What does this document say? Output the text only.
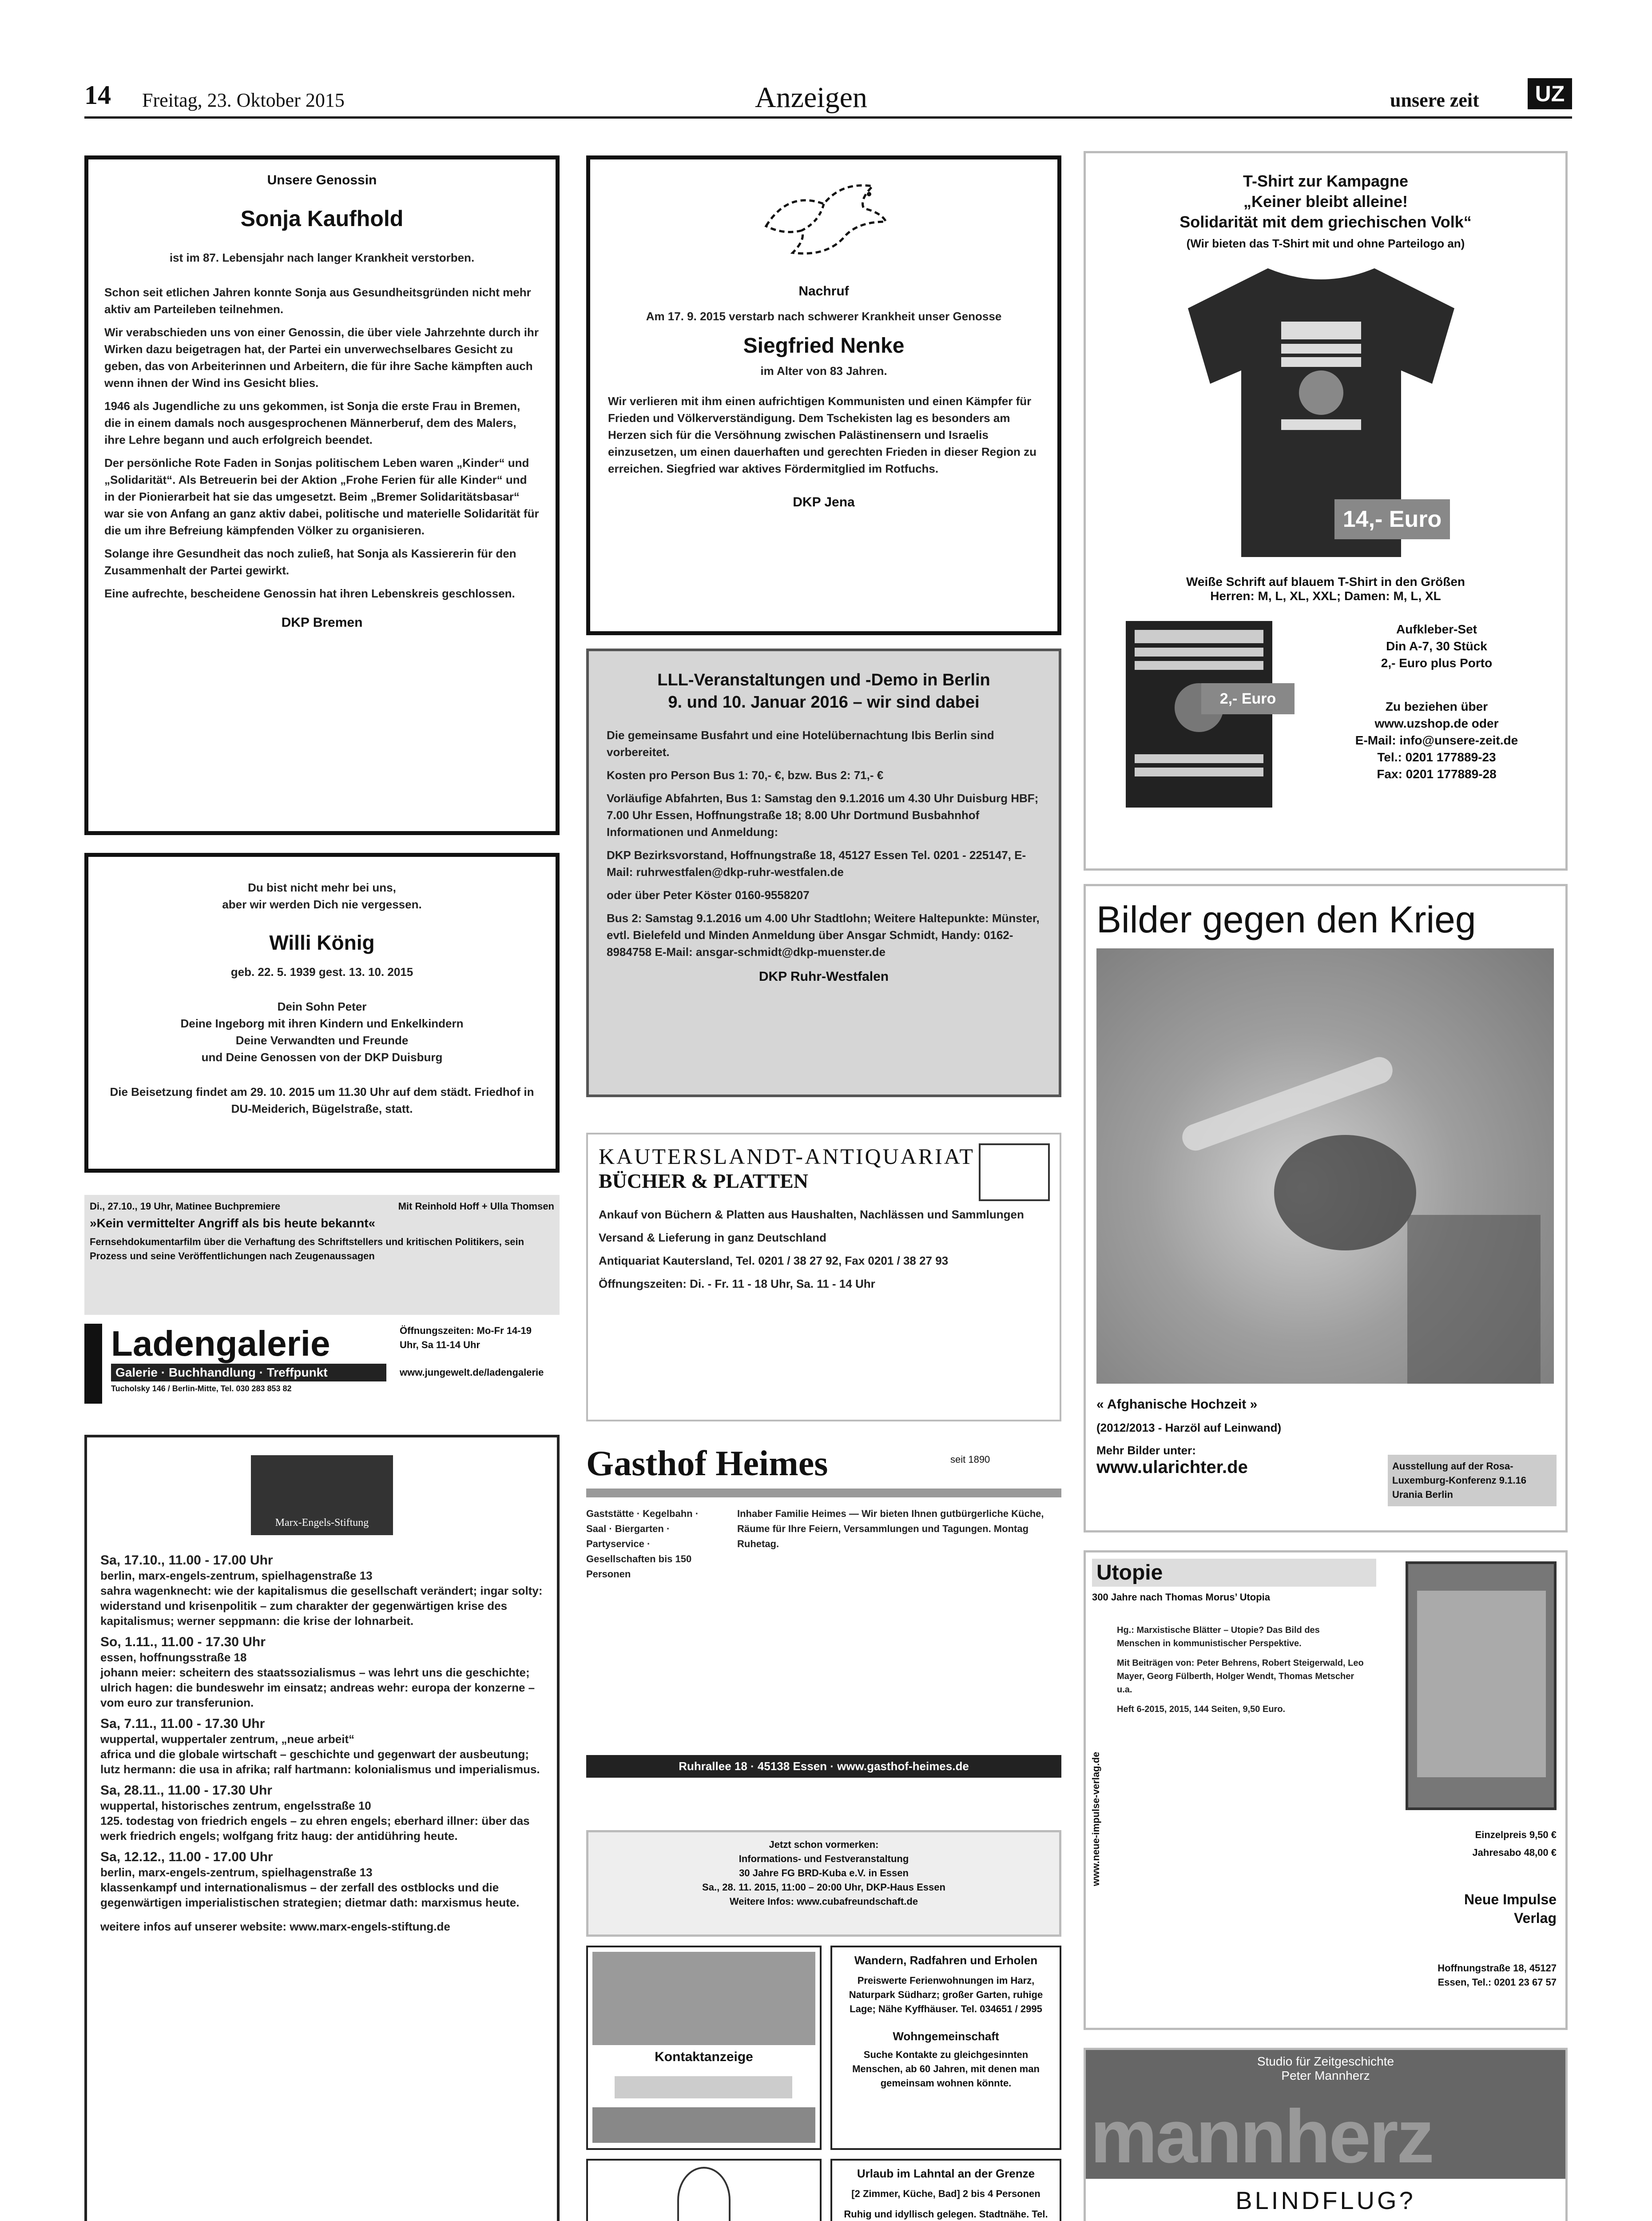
14 Freitag, 23. Oktober 2015	Anzeigen	unsere zeit	UZ
Unsere Genossin
Sonja Kaufhold
ist im 87. Lebensjahr nach langer Krankheit verstorben.

Schon seit etlichen Jahren konnte Sonja aus Gesundheitsgründen nicht mehr aktiv am Parteileben teilnehmen.

Wir verabschieden uns von einer Genossin, die über viele Jahrzehnte durch ihr Wirken dazu beigetragen hat, der Partei ein unverwechselbares Gesicht zu geben, das von Arbeiterinnen und Arbeitern, die für ihre Sache kämpften auch wenn ihnen der Wind ins Gesicht blies.

1946 als Jugendliche zu uns gekommen, ist Sonja die erste Frau in Bremen, die in einem damals noch ausgesprochenen Männerberuf, dem des Malers, ihre Lehre begann und auch erfolgreich beendet.

Der persönliche Rote Faden in Sonjas politischem Leben waren „Kinder“ und „Solidarität“. Als Betreuerin bei der Aktion „Frohe Ferien für alle Kinder“ und in der Pionierarbeit hat sie das umgesetzt. Beim „Bremer Solidaritätsbasar“ war sie von Anfang an ganz aktiv dabei, politische und materielle Solidarität für die um ihre Befreiung kämpfenden Völker zu organisieren.

Solange ihre Gesundheit das noch zuließ, hat Sonja als Kassiererin für den Zusammenhalt der Partei gewirkt.

Eine aufrechte, bescheidene Genossin hat ihren Lebenskreis geschlossen.

DKP Bremen
Nachruf
Am 17. 9. 2015 verstarb nach schwerer Krankheit unser Genosse
Siegfried Nenke
im Alter von 83 Jahren.
Wir verlieren mit ihm einen aufrichtigen Kommunisten und einen Kämpfer für Frieden und Völkerverständigung. Dem Tschekisten lag es besonders am Herzen sich für die Versöhnung zwischen Palästinensern und Israelis einzusetzen, um einen dauerhaften und gerechten Frieden in dieser Region zu erreichen. Siegfried war aktives Fördermitglied im Rotfuchs.
DKP Jena
T-Shirt zur Kampagne
„Keiner bleibt alleine!
Solidarität mit dem griechischen Volk“
(Wir bieten das T-Shirt mit und ohne Parteilogo an)
14,- Euro
Weiße Schrift auf blauem T-Shirt in den Größen
Herren: M, L, XL, XXL; Damen: M, L, XL
2,- Euro
Aufkleber-Set
Din A-7, 30 Stück
2,- Euro plus Porto
Zu beziehen über
www.uzshop.de oder
E-Mail: info@unsere-zeit.de
Tel.: 0201 177889-23
Fax: 0201 177889-28
Du bist nicht mehr bei uns,
aber wir werden Dich nie vergessen.
Willi König
geb. 22. 5. 1939 gest. 13. 10. 2015
Dein Sohn Peter
Deine Ingeborg mit ihren Kindern und Enkelkindern
Deine Verwandten und Freunde
und Deine Genossen von der DKP Duisburg
Die Beisetzung findet am 29. 10. 2015 um 11.30 Uhr auf dem städt. Friedhof in DU-Meiderich, Bügelstraße, statt.
LLL-Veranstaltungen und -Demo in Berlin
9. und 10. Januar 2016 – wir sind dabei

Die gemeinsame Busfahrt und eine Hotelübernachtung Ibis Berlin sind vorbereitet.

Kosten pro Person Bus 1: 70,- €, bzw. Bus 2: 71,- €

Vorläufige Abfahrten, Bus 1: Samstag den 9.1.2016 um 4.30 Uhr Duisburg HBF; 7.00 Uhr Essen, Hoffnungstraße 18; 8.00 Uhr Dortmund Busbahnhof Informationen und Anmeldung:

DKP Bezirksvorstand, Hoffnungstraße 18, 45127 Essen Tel. 0201 - 225147, E-Mail: ruhrwestfalen@dkp-ruhr-westfalen.de

oder über Peter Köster 0160-9558207

Bus 2: Samstag 9.1.2016 um 4.00 Uhr Stadtlohn; Weitere Haltepunkte: Münster, evtl. Bielefeld und Minden Anmeldung über Ansgar Schmidt, Handy: 0162-8984758 E-Mail: ansgar-schmidt@dkp-muenster.de

DKP Ruhr-Westfalen
Bilder gegen den Krieg
« Afghanische Hochzeit »
(2012/2013 - Harzöl auf Leinwand)
Mehr Bilder unter:
www.ularichter.de	Ausstellung auf der Rosa-Luxemburg-Konferenz 9.1.16 Urania Berlin
Di., 27.10., 19 Uhr, Matinee Buchpremiere	Mit Reinhold Hoff + Ulla Thomsen
»Kein vermittelter Angriff als bis heute bekannt«
Fernsehdokumentarfilm über die Verhaftung des Schriftstellers und kritischen Politikers, sein Prozess und seine Veröffentlichungen nach Zeugenaussagen
Ladengalerie
Galerie · Buchhandlung · Treffpunkt
Tucholsky 146 / Berlin-Mitte, Tel. 030 283 853 82
Öffnungszeiten: Mo-Fr 14-19 Uhr, Sa 11-14 Uhr
www.jungewelt.de/ladengalerie
KAUTERSLANDT-ANTIQUARIAT
BÜCHER & PLATTEN

Ankauf von Büchern & Platten aus Haushalten, Nachlässen und Sammlungen

Versand & Lieferung in ganz Deutschland

Antiquariat Kautersland, Tel. 0201 / 38 27 92, Fax 0201 / 38 27 93

Öffnungszeiten: Di. - Fr. 11 - 18 Uhr, Sa. 11 - 14 Uhr

Marx-Engels-Stiftung
Sa, 17.10., 11.00 - 17.00 Uhr
berlin, marx-engels-zentrum, spielhagenstraße 13

sahra wagenknecht: wie der kapitalismus die gesellschaft verändert; ingar solty: widerstand und krisenpolitik – zum charakter der gegenwärtigen krise des kapitalismus; werner seppmann: die krise der lohnarbeit.

So, 1.11., 11.00 - 17.30 Uhr
essen, hoffnungsstraße 18

johann meier: scheitern des staatssozialismus – was lehrt uns die geschichte; ulrich hagen: die bundeswehr im einsatz; andreas wehr: europa der konzerne – vom euro zur transferunion.

Sa, 7.11., 11.00 - 17.30 Uhr
wuppertal, wuppertaler zentrum, „neue arbeit“

africa und die globale wirtschaft – geschichte und gegenwart der ausbeutung; lutz hermann: die usa in afrika; ralf hartmann: kolonialismus und imperialismus.

Sa, 28.11., 11.00 - 17.30 Uhr
wuppertal, historisches zentrum, engelsstraße 10

125. todestag von friedrich engels – zu ehren engels; eberhard illner: über das werk friedrich engels; wolfgang fritz haug: der antidühring heute.

Sa, 12.12., 11.00 - 17.00 Uhr
berlin, marx-engels-zentrum, spielhagenstraße 13

klassenkampf und internationalismus – der zerfall des ostblocks und die gegenwärtigen imperialistischen strategien; dietmar dath: marxismus heute.

weitere infos auf unserer website: www.marx-engels-stiftung.de
Gasthof Heimes	seit 1890
Gaststätte · Kegelbahn · Saal · Biergarten · Partyservice · Gesellschaften bis 150 Personen
Inhaber Familie Heimes — Wir bieten Ihnen gutbürgerliche Küche, Räume für Ihre Feiern, Versammlungen und Tagungen. Montag Ruhetag.
Ruhrallee 18 · 45138 Essen · www.gasthof-heimes.de
Jetzt schon vormerken:
Informations- und Festveranstaltung
30 Jahre FG BRD-Kuba e.V. in Essen
Sa., 28. 11. 2015, 11:00 – 20:00 Uhr, DKP-Haus Essen
Weitere Infos: www.cubafreundschaft.de
Kontaktanzeige
Wandern, Radfahren und Erholen
Preiswerte Ferienwohnungen im Harz, Naturpark Südharz; großer Garten, ruhige Lage; Nähe Kyffhäuser. Tel. 034651 / 2995
Wohngemeinschaft
Suche Kontakte zu gleichgesinnten Menschen, ab 60 Jahren, mit denen man gemeinsam wohnen könnte.
Urlaub im Lahntal an der Grenze
[2 Zimmer, Küche, Bad] 2 bis 4 Personen
Ruhig und idyllisch gelegen. Stadtnähe. Tel.
Utopie
300 Jahre nach Thomas Morus’ Utopia
www.neue-impulse-verlag.de

Hg.: Marxistische Blätter – Utopie? Das Bild des Menschen in kommunistischer Perspektive.

Mit Beiträgen von: Peter Behrens, Robert Steigerwald, Leo Mayer, Georg Fülberth, Holger Wendt, Thomas Metscher u.a.

Heft 6-2015, 2015, 144 Seiten, 9,50 Euro.

Einzelpreis 9,50 €
Jahresabo 48,00 €
Neue Impulse Verlag
Hoffnungstraße 18, 45127 Essen, Tel.: 0201 23 67 57
Studio für Zeitgeschichte
Peter Mannherz
mannherz
BLINDFLUG?
